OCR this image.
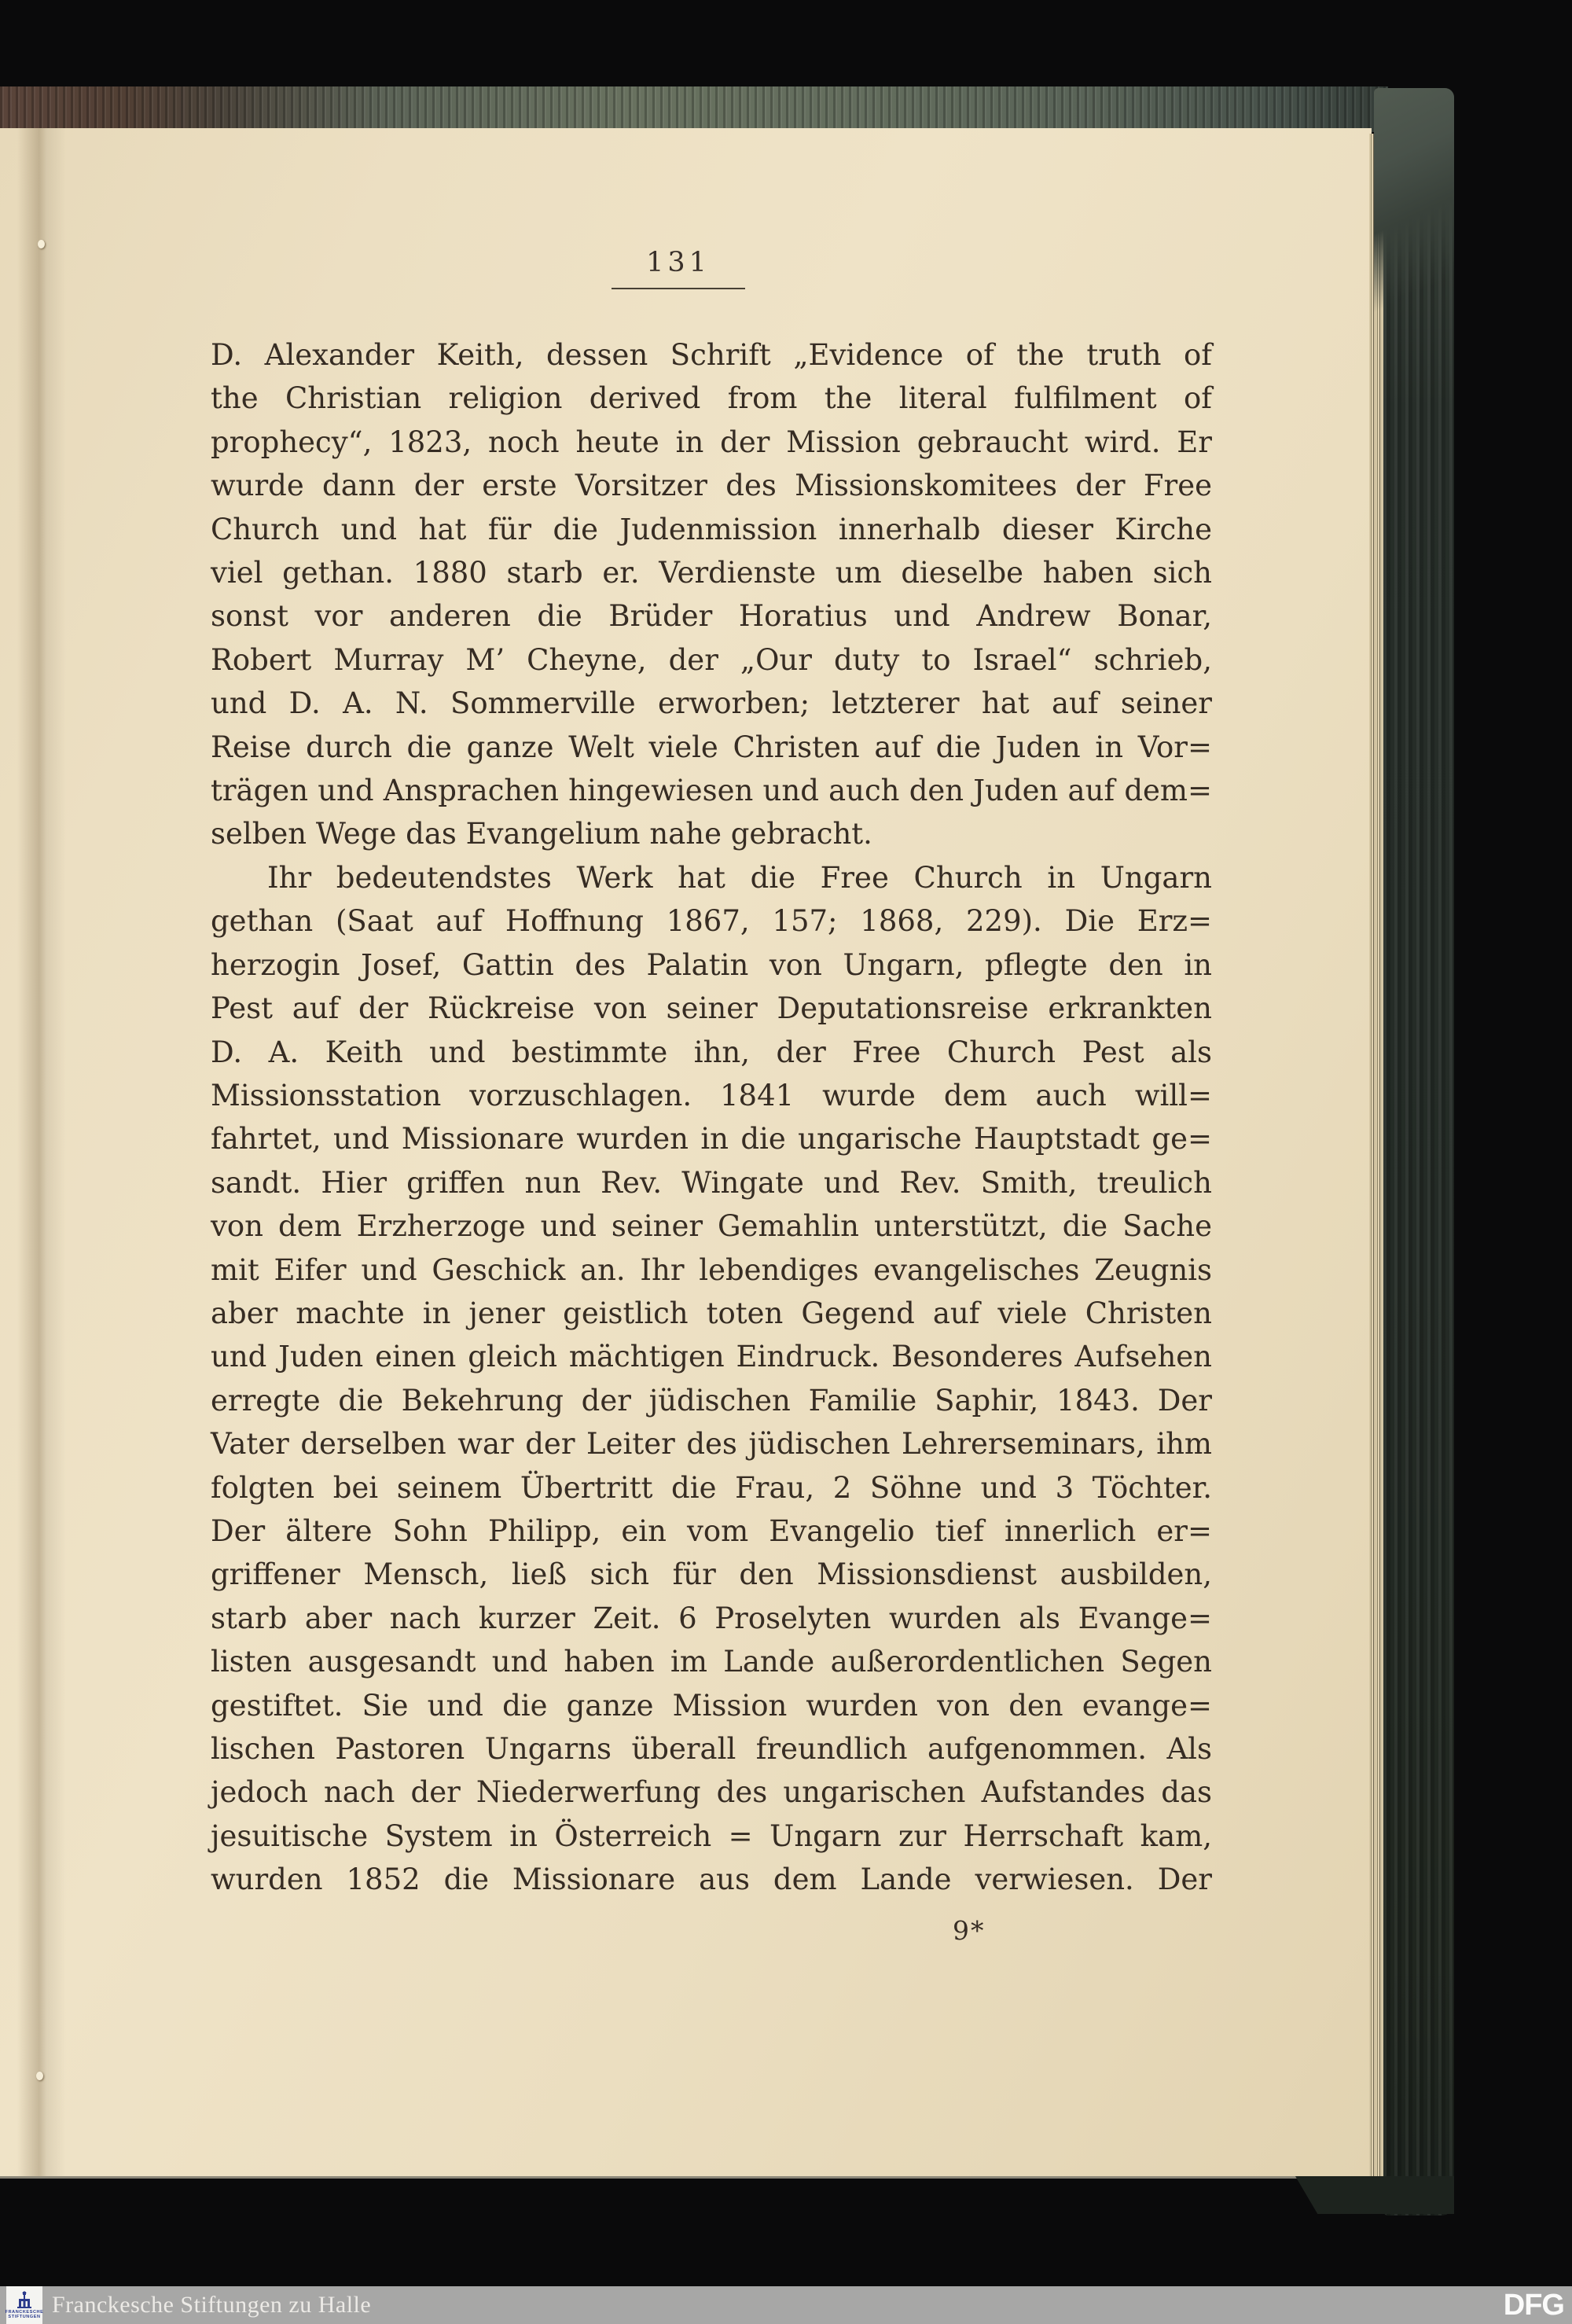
131
D. Alexander Keith, dessen Schrift „Evidence of the truth of
the Christian religion derived from the literal fulfilment of
prophecy“, 1823, noch heute in der Mission gebraucht wird. Er
wurde dann der erste Vorsitzer des Missionskomitees der Free
Church und hat für die Judenmission innerhalb dieser Kirche
viel gethan. 1880 starb er. Verdienste um dieselbe haben sich
sonst vor anderen die Brüder Horatius und Andrew Bonar,
Robert Murray M’ Cheyne, der „Our duty to Israel“ schrieb,
und D. A. N. Sommerville erworben; letzterer hat auf seiner
Reise durch die ganze Welt viele Christen auf die Juden in Vor=
trägen und Ansprachen hingewiesen und auch den Juden auf dem=
selben Wege das Evangelium nahe gebracht.
Ihr bedeutendstes Werk hat die Free Church in Ungarn
gethan (Saat auf Hoffnung 1867, 157; 1868, 229). Die Erz=
herzogin Josef, Gattin des Palatin von Ungarn, pflegte den in
Pest auf der Rückreise von seiner Deputationsreise erkrankten
D. A. Keith und bestimmte ihn, der Free Church Pest als
Missionsstation vorzuschlagen. 1841 wurde dem auch will=
fahrtet, und Missionare wurden in die ungarische Hauptstadt ge=
sandt. Hier griffen nun Rev. Wingate und Rev. Smith, treulich
von dem Erzherzoge und seiner Gemahlin unterstützt, die Sache
mit Eifer und Geschick an. Ihr lebendiges evangelisches Zeugnis
aber machte in jener geistlich toten Gegend auf viele Christen
und Juden einen gleich mächtigen Eindruck. Besonderes Aufsehen
erregte die Bekehrung der jüdischen Familie Saphir, 1843. Der
Vater derselben war der Leiter des jüdischen Lehrerseminars, ihm
folgten bei seinem Übertritt die Frau, 2 Söhne und 3 Töchter.
Der ältere Sohn Philipp, ein vom Evangelio tief innerlich er=
griffener Mensch, ließ sich für den Missionsdienst ausbilden,
starb aber nach kurzer Zeit. 6 Proselyten wurden als Evange=
listen ausgesandt und haben im Lande außerordentlichen Segen
gestiftet. Sie und die ganze Mission wurden von den evange=
lischen Pastoren Ungarns überall freundlich aufgenommen. Als
jedoch nach der Niederwerfung des ungarischen Aufstandes das
jesuitische System in Österreich = Ungarn zur Herrschaft kam,
wurden 1852 die Missionare aus dem Lande verwiesen. Der
9*
FRANCKESCHE
STIFTUNGEN Franckesche Stiftungen zu Halle	DFG
